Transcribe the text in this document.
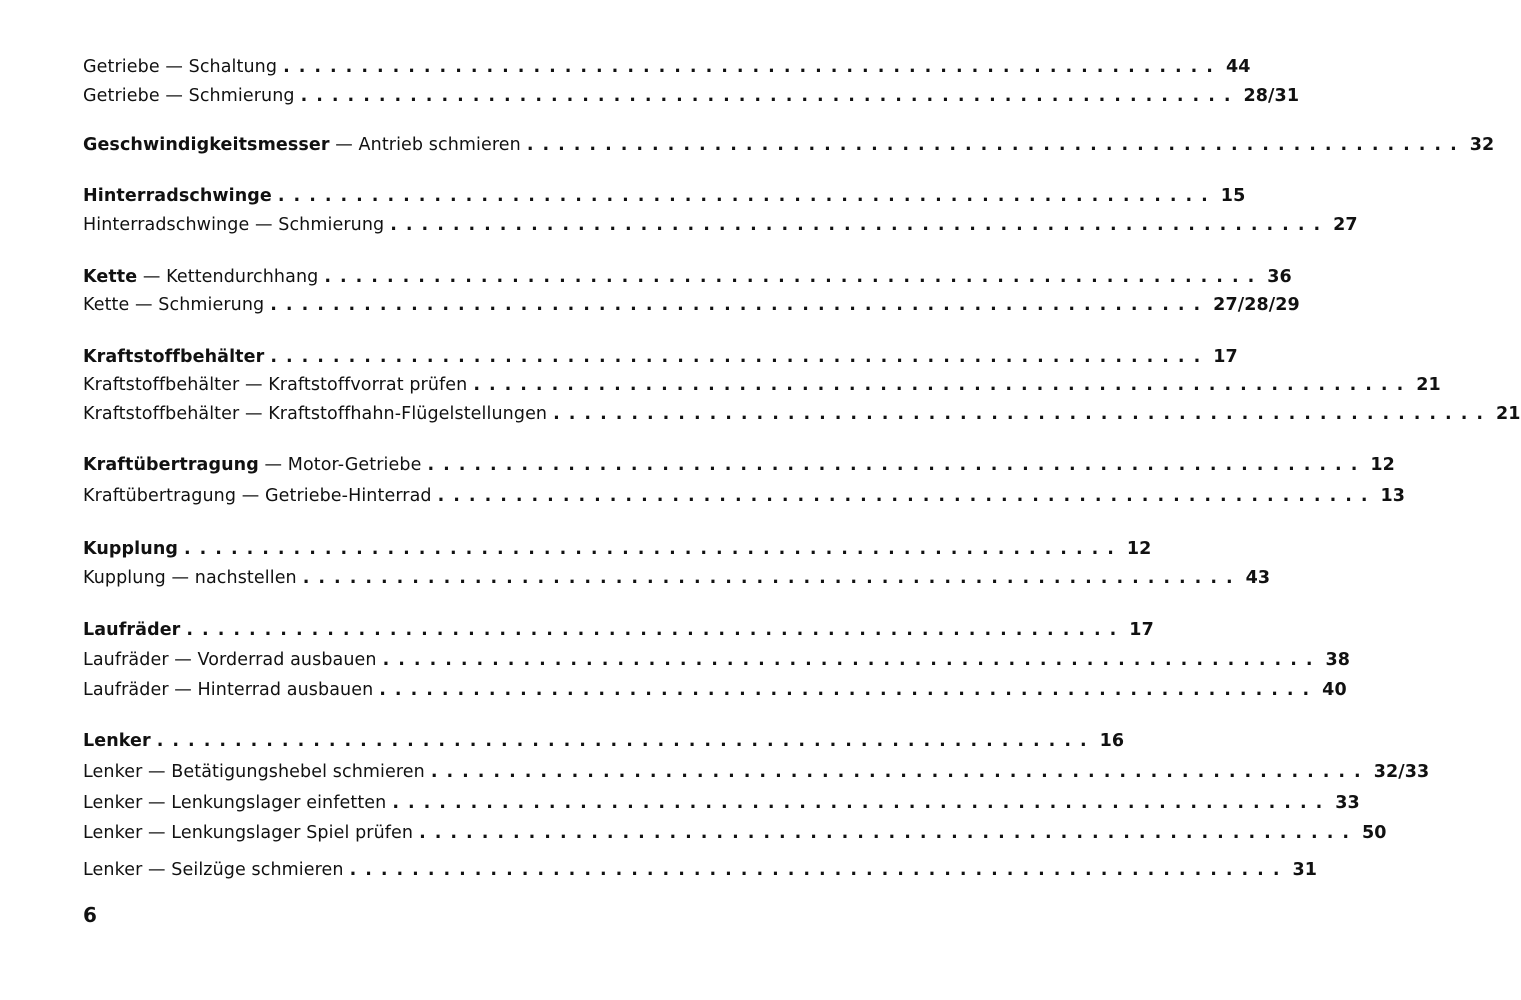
Getriebe — Schaltung ............................................................ 44
Getriebe — Schmierung ............................................................ 28/31
Geschwindigkeitsmesser — Antrieb schmieren ............................................................ 32
Hinterradschwinge ............................................................ 15
Hinterradschwinge — Schmierung ............................................................ 27
Kette — Kettendurchhang ............................................................ 36
Kette — Schmierung ............................................................ 27/28/29
Kraftstoffbehälter ............................................................ 17
Kraftstoffbehälter — Kraftstoffvorrat prüfen ............................................................ 21
Kraftstoffbehälter — Kraftstoffhahn-Flügelstellungen ............................................................ 21
Kraftübertragung — Motor-Getriebe ............................................................ 12
Kraftübertragung — Getriebe-Hinterrad ............................................................ 13
Kupplung ............................................................ 12
Kupplung — nachstellen ............................................................ 43
Laufräder ............................................................ 17
Laufräder — Vorderrad ausbauen ............................................................ 38
Laufräder — Hinterrad ausbauen ............................................................ 40
Lenker ............................................................ 16
Lenker — Betätigungshebel schmieren ............................................................ 32/33
Lenker — Lenkungslager einfetten ............................................................ 33
Lenker — Lenkungslager Spiel prüfen ............................................................ 50
Lenker — Seilzüge schmieren ............................................................ 31
6
